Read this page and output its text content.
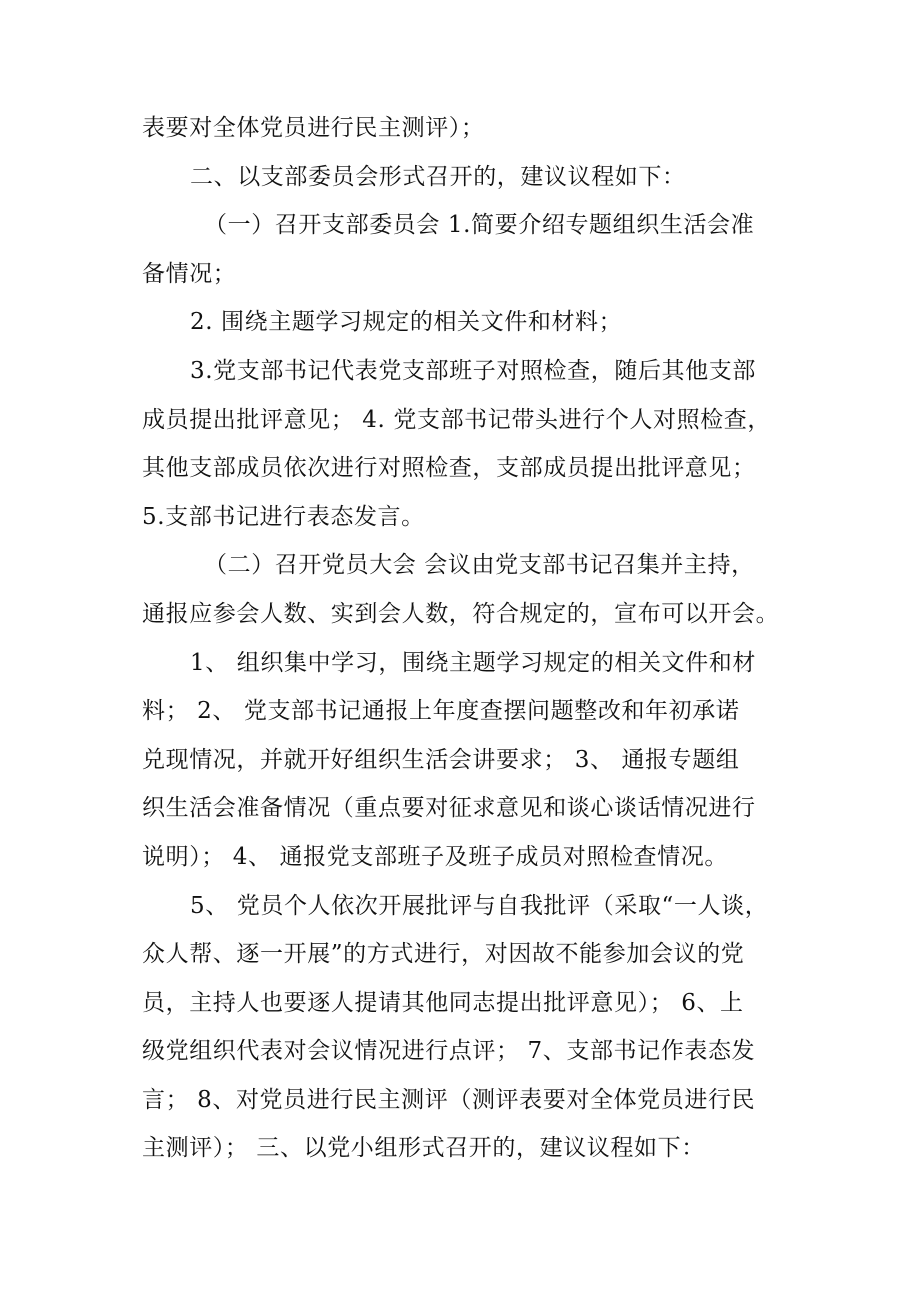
表要对全体党员进行民主测评）；
二、以支部委员会形式召开的，建议议程如下：
（一）召开支部委员会 1.简要介绍专题组织生活会准
备情况；
2. 围绕主题学习规定的相关文件和材料；
3.党支部书记代表党支部班子对照检查，随后其他支部
成员提出批评意见； 4. 党支部书记带头进行个人对照检查，
其他支部成员依次进行对照检查，支部成员提出批评意见；
5.支部书记进行表态发言。
（二）召开党员大会 会议由党支部书记召集并主持，
通报应参会人数、实到会人数，符合规定的，宣布可以开会。
1、 组织集中学习，围绕主题学习规定的相关文件和材
料； 2、 党支部书记通报上年度查摆问题整改和年初承诺
兑现情况，并就开好组织生活会讲要求； 3、 通报专题组
织生活会准备情况（重点要对征求意见和谈心谈话情况进行
说明）； 4、 通报党支部班子及班子成员对照检查情况。
5、 党员个人依次开展批评与自我批评（采取“一人谈，
众人帮、逐一开展”的方式进行，对因故不能参加会议的党
员，主持人也要逐人提请其他同志提出批评意见）； 6、上
级党组织代表对会议情况进行点评； 7、支部书记作表态发
言； 8、对党员进行民主测评（测评表要对全体党员进行民
主测评）； 三、以党小组形式召开的，建议议程如下：
